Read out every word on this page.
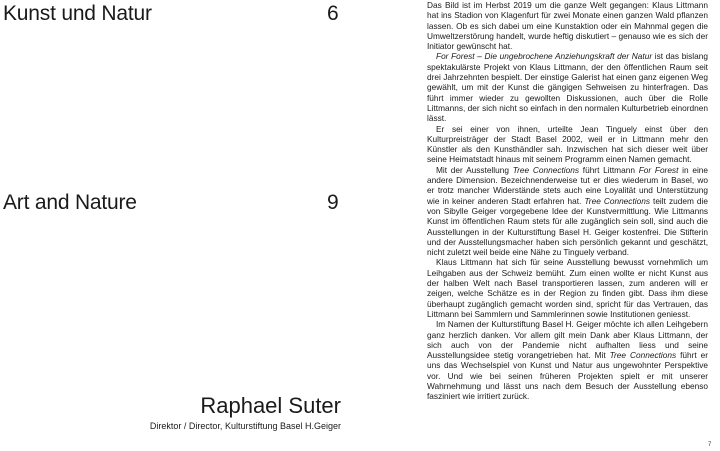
Kunst und Natur	6
Art and Nature	9
Raphael Suter

Direktor / Director, Kulturstiftung Basel H.Geiger

Das Bild ist im Herbst 2019 um die ganze Welt gegangen: Klaus Littmann hat ins Stadion von Klagenfurt für zwei Monate einen ganzen Wald pflanzen lassen. Ob es sich dabei um eine Kunstaktion oder ein Mahnmal gegen die Umweltzerstörung handelt, wurde heftig diskutiert – genauso wie es sich der Initiator gewünscht hat.

For Forest – Die ungebrochene Anziehungskraft der Natur ist das bislang spektakulärste Projekt von Klaus Littmann, der den öffentlichen Raum seit drei Jahrzehnten bespielt. Der einstige Galerist hat einen ganz eigenen Weg gewählt, um mit der Kunst die gängigen Sehweisen zu hinterfragen. Das führt immer wieder zu gewollten Diskussionen, auch über die Rolle Littmanns, der sich nicht so einfach in den normalen Kulturbetrieb einordnen lässt.

Er sei einer von ihnen, urteilte Jean Tinguely einst über den Kulturpreisträger der Stadt Basel 2002, weil er in Littmann mehr den Künstler als den Kunsthändler sah. Inzwischen hat sich dieser weit über seine Heimatstadt hinaus mit seinem Programm einen Namen gemacht.

Mit der Ausstellung Tree Connections führt Littmann For Forest in eine andere Dimension. Bezeichnenderweise tut er dies wiederum in Basel, wo er trotz mancher Widerstände stets auch eine Loyalität und Unterstützung wie in keiner anderen Stadt erfahren hat. Tree Connections teilt zudem die von Sibylle Geiger vorgegebene Idee der Kunstvermittlung. Wie Littmanns Kunst im öffentlichen Raum stets für alle zugänglich sein soll, sind auch die Ausstellungen in der Kulturstiftung Basel H. Geiger kostenfrei. Die Stifterin und der Ausstellungsmacher haben sich persönlich gekannt und geschätzt, nicht zuletzt weil beide eine Nähe zu Tinguely verband.

Klaus Littmann hat sich für seine Ausstellung bewusst vornehmlich um Leihgaben aus der Schweiz bemüht. Zum einen wollte er nicht Kunst aus der halben Welt nach Basel transportieren lassen, zum anderen will er zeigen, welche Schätze es in der Region zu finden gibt. Dass ihm diese überhaupt zugänglich gemacht worden sind, spricht für das Vertrauen, das Littmann bei Sammlern und Sammlerinnen sowie Institutionen geniesst.

Im Namen der Kulturstiftung Basel H. Geiger möchte ich allen Leihgebern ganz herzlich danken. Vor allem gilt mein Dank aber Klaus Littmann, der sich auch von der Pandemie nicht aufhalten liess und seine Ausstellungsidee stetig vorangetrieben hat. Mit Tree Connections führt er uns das Wechselspiel von Kunst und Natur aus ungewohnter Perspektive vor. Und wie bei seinen früheren Projekten spielt er mit unserer Wahrnehmung und lässt uns nach dem Besuch der Ausstellung ebenso fasziniert wie irritiert zurück.

7
